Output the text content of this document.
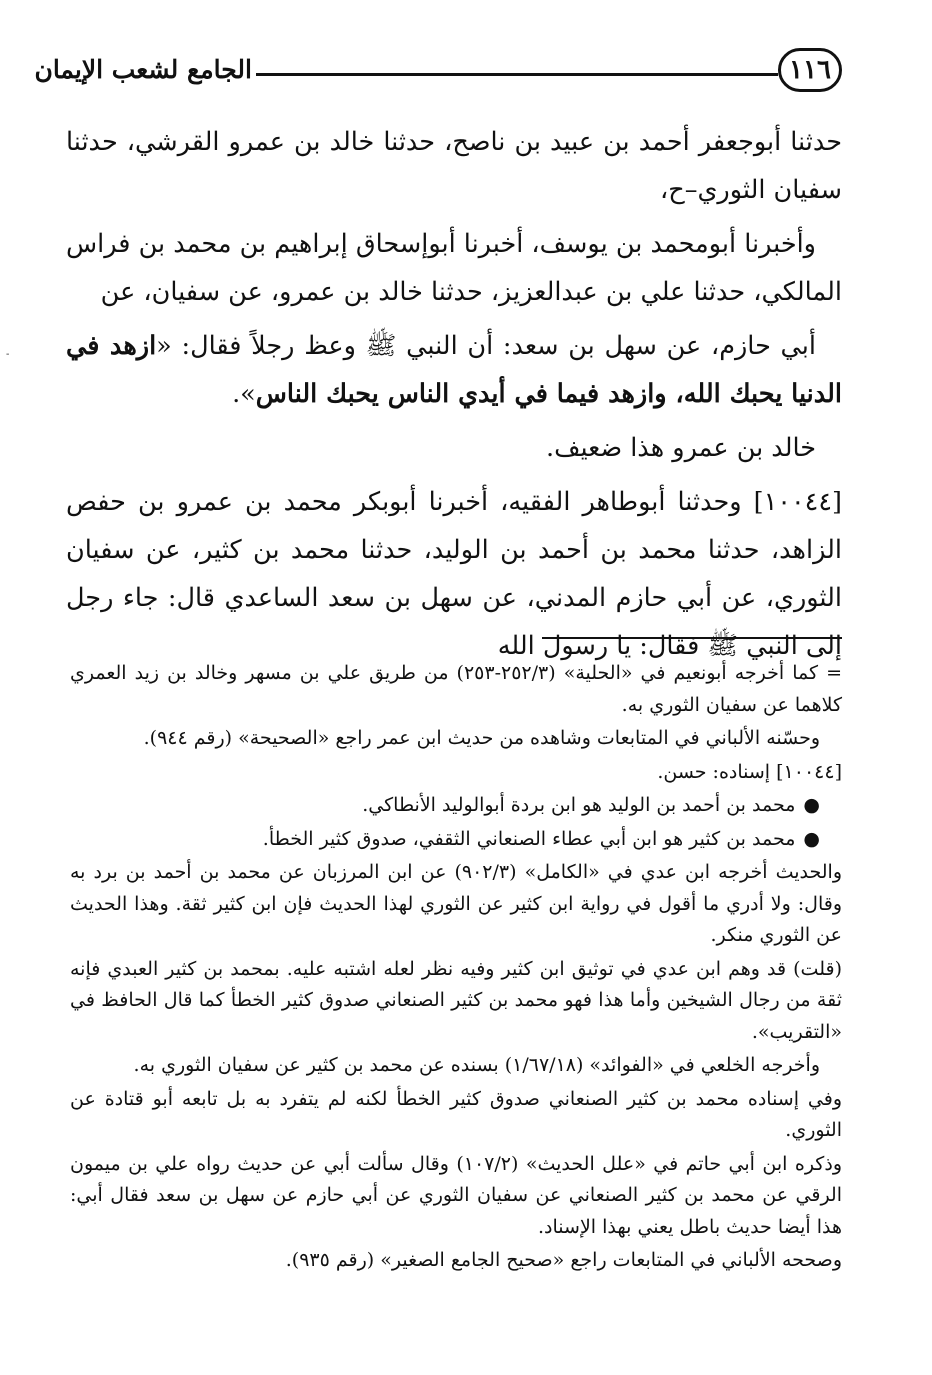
الجامع لشعب الإيمان	١١٦

حدثنا أبوجعفر أحمد بن عبيد بن ناصح، حدثنا خالد بن عمرو القرشي، حدثنا سفيان الثوري–ح،

وأخبرنا أبومحمد بن يوسف، أخبرنا أبوإسحاق إبراهيم بن محمد بن فراس المالكي، حدثنا علي بن عبدالعزيز، حدثنا خالد بن عمرو، عن سفيان، عن

أبي حازم، عن سهل بن سعد: أن النبي ﷺ وعظ رجلاً فقال: «ازهد في الدنيا يحبك الله، وازهد فيما في أيدي الناس يحبك الناس».

خالد بن عمرو هذا ضعيف.

[١٠٠٤٤] وحدثنا أبوطاهر الفقيه، أخبرنا أبوبكر محمد بن عمرو بن حفص الزاهد، حدثنا محمد بن أحمد بن الوليد، حدثنا محمد بن كثير، عن سفيان الثوري، عن أبي حازم المدني، عن سهل بن سعد الساعدي قال: جاء رجل إلى النبي ﷺ فقال: يا رسول الله

= كما أخرجه أبونعيم في «الحلية» (٢٥٢/٣-٢٥٣) من طريق علي بن مسهر وخالد بن زيد العمري كلاهما عن سفيان الثوري به.

وحسّنه الألباني في المتابعات وشاهده من حديث ابن عمر راجع «الصحيحة» (رقم ٩٤٤).

[١٠٠٤٤] إسناده: حسن.

●محمد بن أحمد بن الوليد هو ابن بردة أبوالوليد الأنطاكي.

●محمد بن كثير هو ابن أبي عطاء الصنعاني الثقفي، صدوق كثير الخطأ.

والحديث أخرجه ابن عدي في «الكامل» (٩٠٢/٣) عن ابن المرزبان عن محمد بن أحمد بن برد به وقال: ولا أدري ما أقول في رواية ابن كثير عن الثوري لهذا الحديث فإن ابن كثير ثقة. وهذا الحديث عن الثوري منكر.

(قلت) قد وهم ابن عدي في توثيق ابن كثير وفيه نظر لعله اشتبه عليه. بمحمد بن كثير العبدي فإنه ثقة من رجال الشيخين وأما هذا فهو محمد بن كثير الصنعاني صدوق كثير الخطأ كما قال الحافظ في «التقريب».

وأخرجه الخلعي في «الفوائد» (١/٦٧/١٨) بسنده عن محمد بن كثير عن سفيان الثوري به.

وفي إسناده محمد بن كثير الصنعاني صدوق كثير الخطأ لكنه لم يتفرد به بل تابعه أبو قتادة عن الثوري.

وذكره ابن أبي حاتم في «علل الحديث» (١٠٧/٢) وقال سألت أبي عن حديث رواه علي بن ميمون الرقي عن محمد بن كثير الصنعاني عن سفيان الثوري عن أبي حازم عن سهل بن سعد فقال أبي: هذا أيضا حديث باطل يعني بهذا الإسناد.

وصححه الألباني في المتابعات راجع «صحيح الجامع الصغير» (رقم ٩٣٥).

-
